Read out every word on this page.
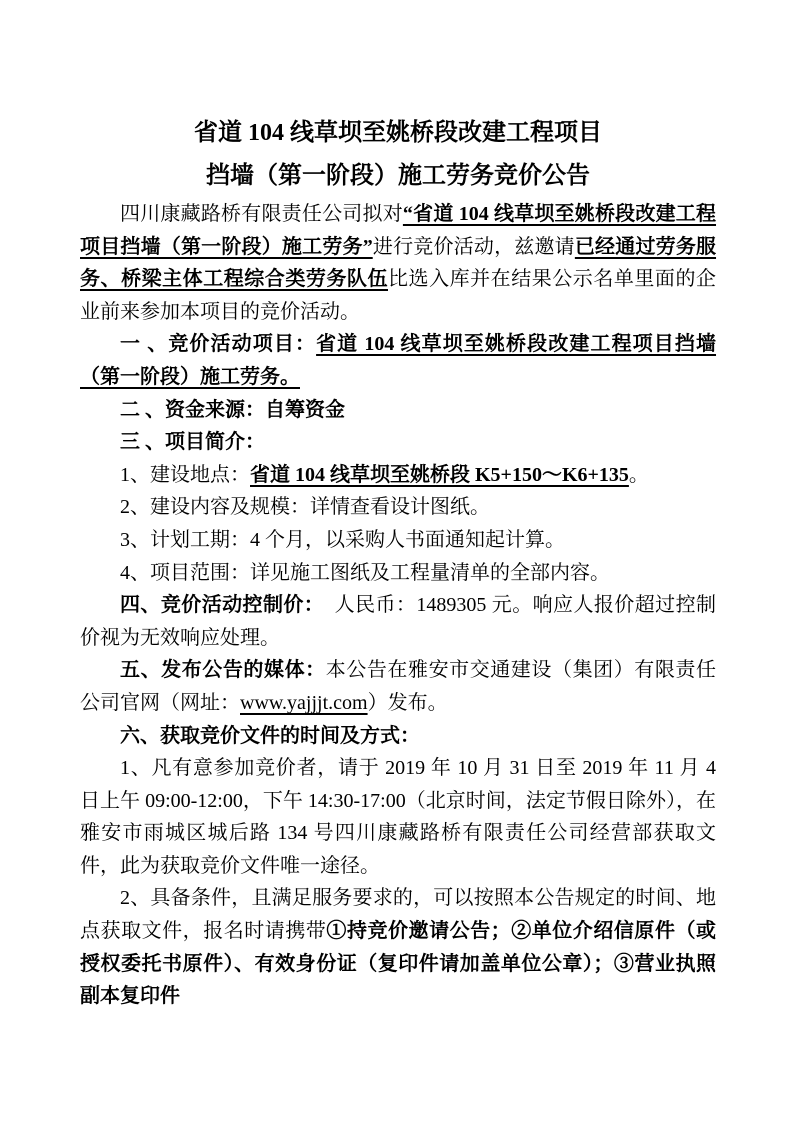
省道 104 线草坝至姚桥段改建工程项目
挡墙（第一阶段）施工劳务竞价公告

四川康藏路桥有限责任公司拟对“省道 104 线草坝至姚桥段改建工程项目挡墙（第一阶段）施工劳务”进行竞价活动，兹邀请已经通过劳务服务、桥梁主体工程综合类劳务队伍比选入库并在结果公示名单里面的企业前来参加本项目的竞价活动。

一 、竞价活动项目：省道 104 线草坝至姚桥段改建工程项目挡墙（第一阶段）施工劳务。

二 、资金来源：自筹资金

三 、项目简介：

1、建设地点：省道 104 线草坝至姚桥段 K5+150～K6+135。

2、建设内容及规模：详情查看设计图纸。

3、计划工期：4 个月，以采购人书面通知起计算。

4、项目范围：详见施工图纸及工程量清单的全部内容。

四、竞价活动控制价：　人民币：1489305 元。响应人报价超过控制价视为无效响应处理。

五、发布公告的媒体：本公告在雅安市交通建设（集团）有限责任公司官网（网址：www.yajjjt.com）发布。

六、获取竞价文件的时间及方式：

1、凡有意参加竞价者，请于 2019 年 10 月 31 日至 2019 年 11 月 4 日上午 09:00-12:00，下午 14:30-17:00（北京时间，法定节假日除外），在雅安市雨城区城后路 134 号四川康藏路桥有限责任公司经营部获取文件，此为获取竞价文件唯一途径。

2、具备条件，且满足服务要求的，可以按照本公告规定的时间、地点获取文件，报名时请携带①持竞价邀请公告；②单位介绍信原件（或授权委托书原件）、有效身份证（复印件请加盖单位公章）；③营业执照副本复印件
